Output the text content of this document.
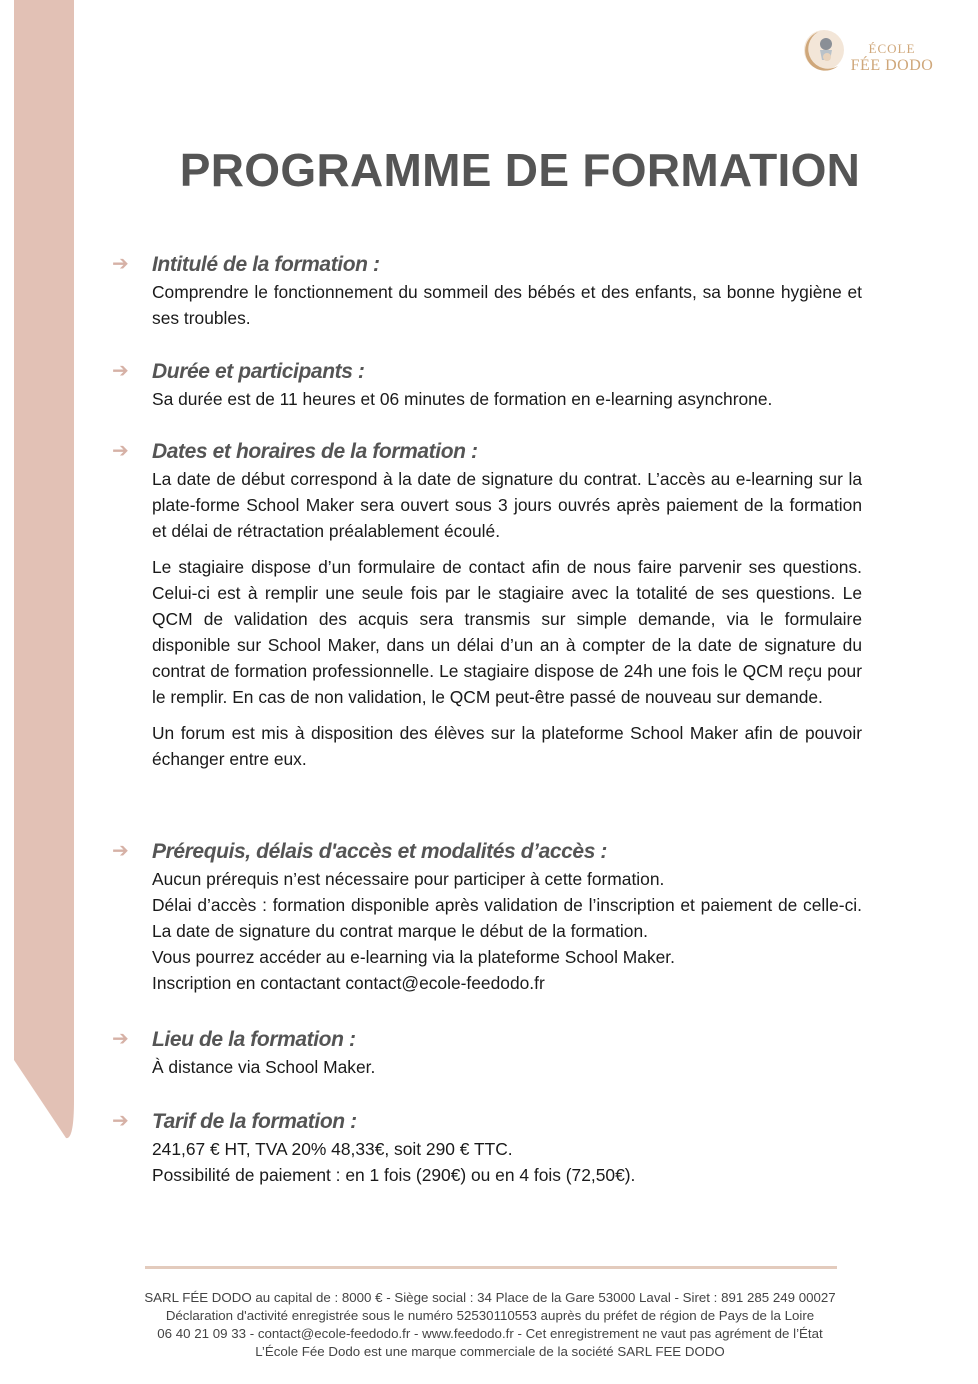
ÉCOLE
FÉE DODO
PROGRAMME DE FORMATION
➔	Intitulé de la formation :

Comprendre le fonctionnement du sommeil des bébés et des enfants, sa bonne hygiène et ses troubles.

➔	Durée et participants :

Sa durée est de 11 heures et 06 minutes de formation en e-learning asynchrone.

➔	Dates et horaires de la formation :

La date de début correspond à la date de signature du contrat. L’accès au e-learning sur la plate-forme School Maker sera ouvert sous 3 jours ouvrés après paiement de la formation et délai de rétractation préalablement écoulé.

Le stagiaire dispose d’un formulaire de contact afin de nous faire parvenir ses questions. Celui-ci est à remplir une seule fois par le stagiaire avec la totalité de ses questions. Le QCM de validation des acquis sera transmis sur simple demande, via le formulaire disponible sur School Maker, dans un délai d’un an à compter de la date de signature du contrat de formation professionnelle. Le stagiaire dispose de 24h une fois le QCM reçu pour le remplir. En cas de non validation, le QCM peut-être passé de nouveau sur demande.

Un forum est mis à disposition des élèves sur la plateforme School Maker afin de pouvoir échanger entre eux.

➔	Prérequis, délais d'accès et modalités d’accès :
Aucun prérequis n’est nécessaire pour participer à cette formation.
Délai d’accès : formation disponible après validation de l’inscription et paiement de celle-ci. La date de signature du contrat marque le début de la formation.
Vous pourrez accéder au e-learning via la plateforme School Maker.
Inscription en contactant contact@ecole-feedodo.fr
➔	Lieu de la formation :
À distance via School Maker.
➔	Tarif de la formation :
241,67 € HT, TVA 20% 48,33€, soit 290 € TTC.
Possibilité de paiement : en 1 fois (290€) ou en 4 fois (72,50€).
SARL FÉE DODO au capital de : 8000 € - Siège social : 34 Place de la Gare 53000 Laval - Siret : 891 285 249 00027
Déclaration d'activité enregistrée sous le numéro 52530110553 auprès du préfet de région de Pays de la Loire
06 40 21 09 33 - contact@ecole-feedodo.fr - www.feedodo.fr - Cet enregistrement ne vaut pas agrément de l’État
L’École Fée Dodo est une marque commerciale de la société SARL FEE DODO
